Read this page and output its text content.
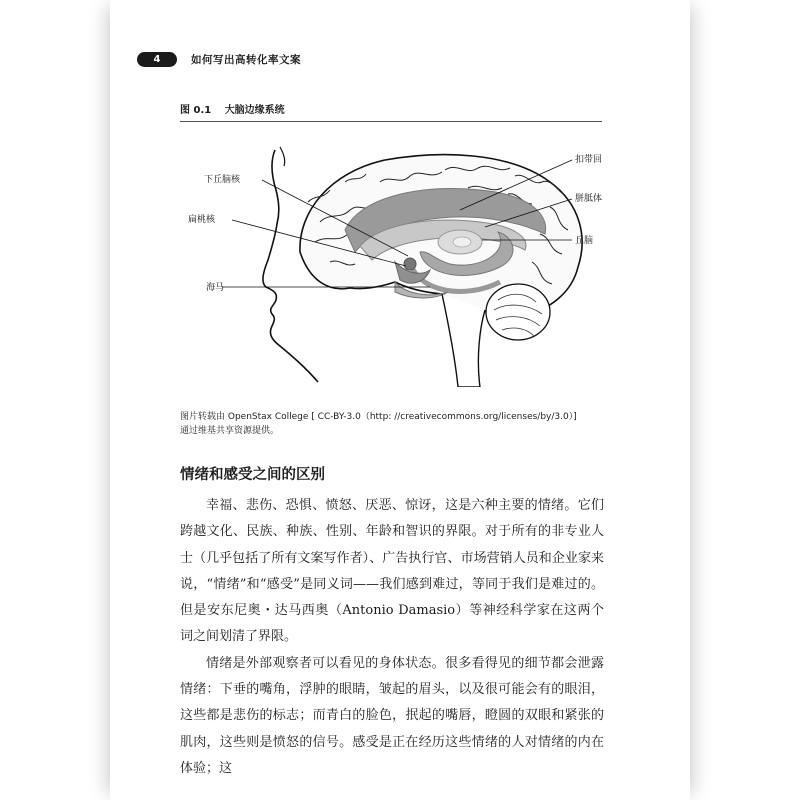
4	如何写出高转化率文案
图 0.1 大脑边缘系统
下丘脑核
扁桃核
海马
扣带回
胼胝体
丘脑
图片转载由 OpenStax College [ CC-BY-3.0（http: //creativecommons.org/licenses/by/3.0）]
通过维基共享资源提供。
情绪和感受之间的区别

幸福、悲伤、恐惧、愤怒、厌恶、惊讶，这是六种主要的情绪。它们跨越文化、民族、种族、性别、年龄和智识的界限。对于所有的非专业人士（几乎包括了所有文案写作者）、广告执行官、市场营销人员和企业家来说，“情绪”和“感受”是同义词——我们感到难过，等同于我们是难过的。但是安东尼奥・达马西奥（Antonio Damasio）等神经科学家在这两个词之间划清了界限。

情绪是外部观察者可以看见的身体状态。很多看得见的细节都会泄露情绪：下垂的嘴角，浮肿的眼睛，皱起的眉头，以及很可能会有的眼泪，这些都是悲伤的标志；而青白的脸色，抿起的嘴唇，瞪圆的双眼和紧张的肌肉，这些则是愤怒的信号。感受是正在经历这些情绪的人对情绪的内在体验；这
